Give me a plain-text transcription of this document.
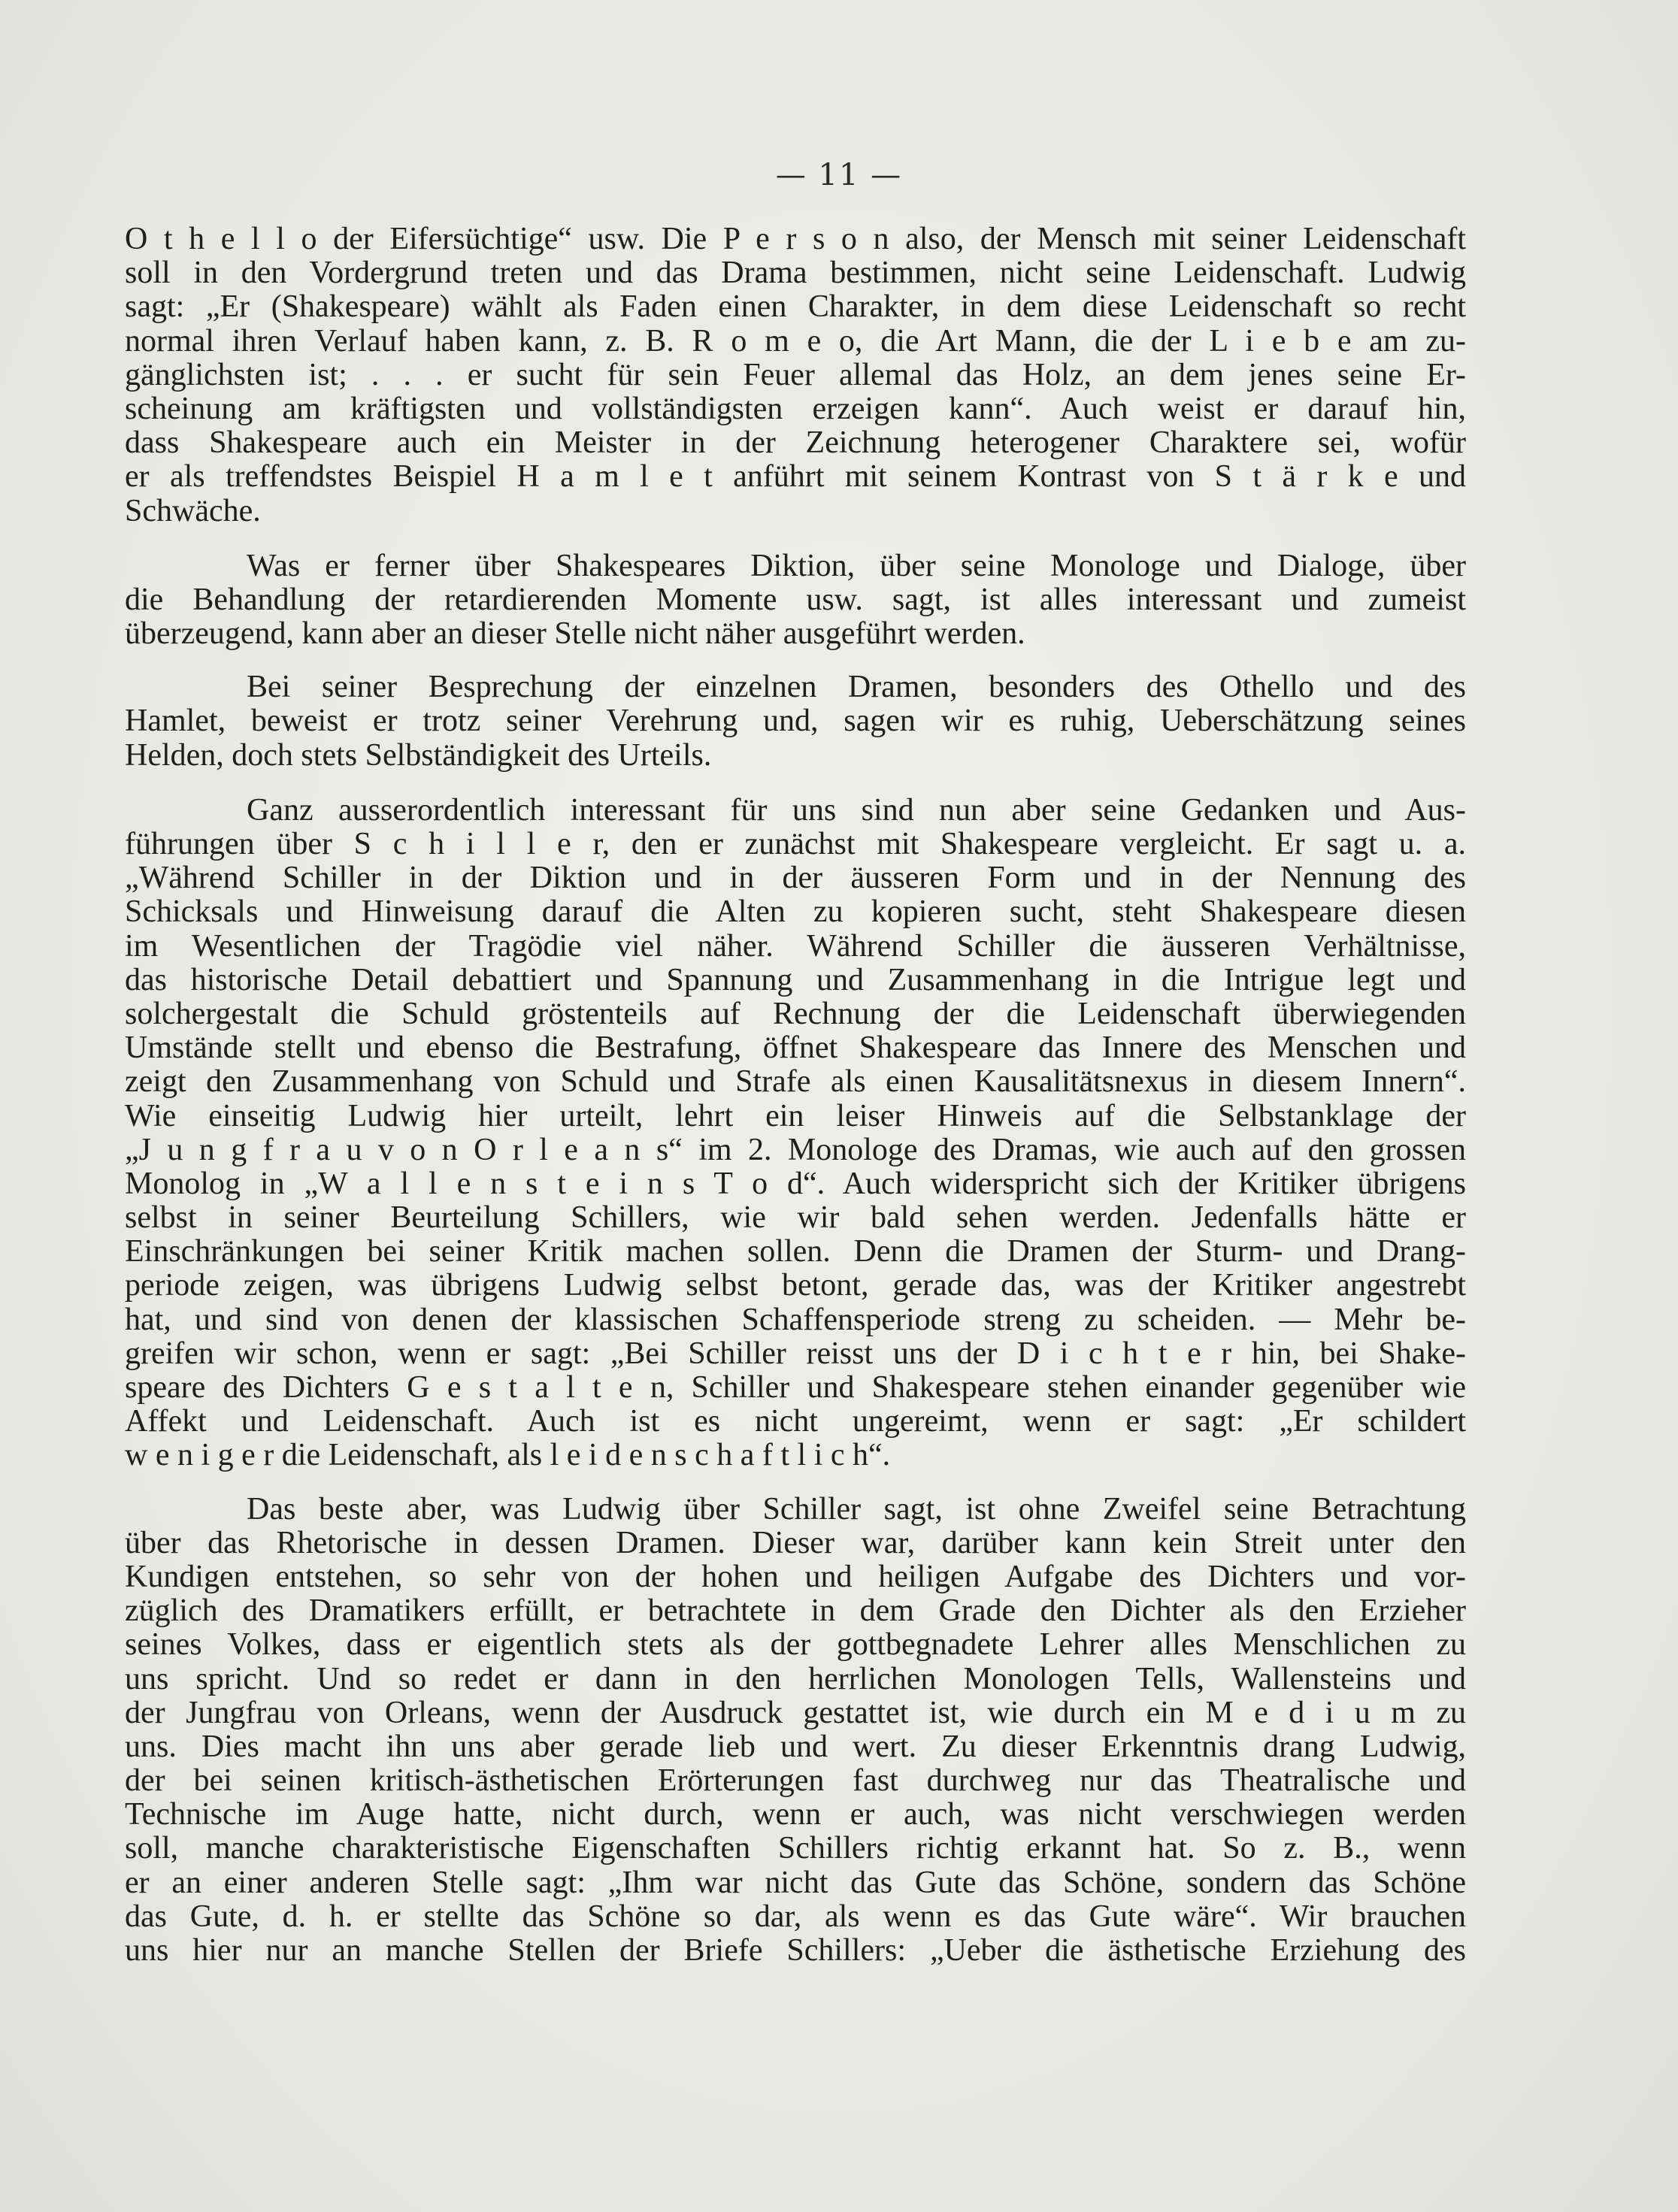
— 11 —
O t h e l l o der Eifersüchtige“ usw. Die P e r s o n also, der Mensch mit seiner Leidenschaft
soll in den Vordergrund treten und das Drama bestimmen, nicht seine Leidenschaft. Ludwig
sagt: „Er (Shakespeare) wählt als Faden einen Charakter, in dem diese Leidenschaft so recht
normal ihren Verlauf haben kann, z. B. R o m e o, die Art Mann, die der L i e b e am zu-
gänglichsten ist; . . . er sucht für sein Feuer allemal das Holz, an dem jenes seine Er-
scheinung am kräftigsten und vollständigsten erzeigen kann“. Auch weist er darauf hin,
dass Shakespeare auch ein Meister in der Zeichnung heterogener Charaktere sei, wofür
er als treffendstes Beispiel H a m l e t anführt mit seinem Kontrast von S t ä r k e und
Schwäche.
Was er ferner über Shakespeares Diktion, über seine Monologe und Dialoge, über
die Behandlung der retardierenden Momente usw. sagt, ist alles interessant und zumeist
überzeugend, kann aber an dieser Stelle nicht näher ausgeführt werden.
Bei seiner Besprechung der einzelnen Dramen, besonders des Othello und des
Hamlet, beweist er trotz seiner Verehrung und, sagen wir es ruhig, Ueberschätzung seines
Helden, doch stets Selbständigkeit des Urteils.
Ganz ausserordentlich interessant für uns sind nun aber seine Gedanken und Aus-
führungen über S c h i l l e r, den er zunächst mit Shakespeare vergleicht. Er sagt u. a.
„Während Schiller in der Diktion und in der äusseren Form und in der Nennung des
Schicksals und Hinweisung darauf die Alten zu kopieren sucht, steht Shakespeare diesen
im Wesentlichen der Tragödie viel näher. Während Schiller die äusseren Verhältnisse,
das historische Detail debattiert und Spannung und Zusammenhang in die Intrigue legt und
solchergestalt die Schuld gröstenteils auf Rechnung der die Leidenschaft überwiegenden
Umstände stellt und ebenso die Bestrafung, öffnet Shakespeare das Innere des Menschen und
zeigt den Zusammenhang von Schuld und Strafe als einen Kausalitätsnexus in diesem Innern“.
Wie einseitig Ludwig hier urteilt, lehrt ein leiser Hinweis auf die Selbstanklage der
„J u n g f r a u v o n O r l e a n s“ im 2. Monologe des Dramas, wie auch auf den grossen
Monolog in „W a l l e n s t e i n s T o d“. Auch widerspricht sich der Kritiker übrigens
selbst in seiner Beurteilung Schillers, wie wir bald sehen werden. Jedenfalls hätte er
Einschränkungen bei seiner Kritik machen sollen. Denn die Dramen der Sturm- und Drang-
periode zeigen, was übrigens Ludwig selbst betont, gerade das, was der Kritiker angestrebt
hat, und sind von denen der klassischen Schaffensperiode streng zu scheiden. — Mehr be-
greifen wir schon, wenn er sagt: „Bei Schiller reisst uns der D i c h t e r hin, bei Shake-
speare des Dichters G e s t a l t e n, Schiller und Shakespeare stehen einander gegenüber wie
Affekt und Leidenschaft. Auch ist es nicht ungereimt, wenn er sagt: „Er schildert
w e n i g e r die Leidenschaft, als l e i d e n s c h a f t l i c h“.
Das beste aber, was Ludwig über Schiller sagt, ist ohne Zweifel seine Betrachtung
über das Rhetorische in dessen Dramen. Dieser war, darüber kann kein Streit unter den
Kundigen entstehen, so sehr von der hohen und heiligen Aufgabe des Dichters und vor-
züglich des Dramatikers erfüllt, er betrachtete in dem Grade den Dichter als den Erzieher
seines Volkes, dass er eigentlich stets als der gottbegnadete Lehrer alles Menschlichen zu
uns spricht. Und so redet er dann in den herrlichen Monologen Tells, Wallensteins und
der Jungfrau von Orleans, wenn der Ausdruck gestattet ist, wie durch ein M e d i u m zu
uns. Dies macht ihn uns aber gerade lieb und wert. Zu dieser Erkenntnis drang Ludwig,
der bei seinen kritisch-ästhetischen Erörterungen fast durchweg nur das Theatralische und
Technische im Auge hatte, nicht durch, wenn er auch, was nicht verschwiegen werden
soll, manche charakteristische Eigenschaften Schillers richtig erkannt hat. So z. B., wenn
er an einer anderen Stelle sagt: „Ihm war nicht das Gute das Schöne, sondern das Schöne
das Gute, d. h. er stellte das Schöne so dar, als wenn es das Gute wäre“. Wir brauchen
uns hier nur an manche Stellen der Briefe Schillers: „Ueber die ästhetische Erziehung des
